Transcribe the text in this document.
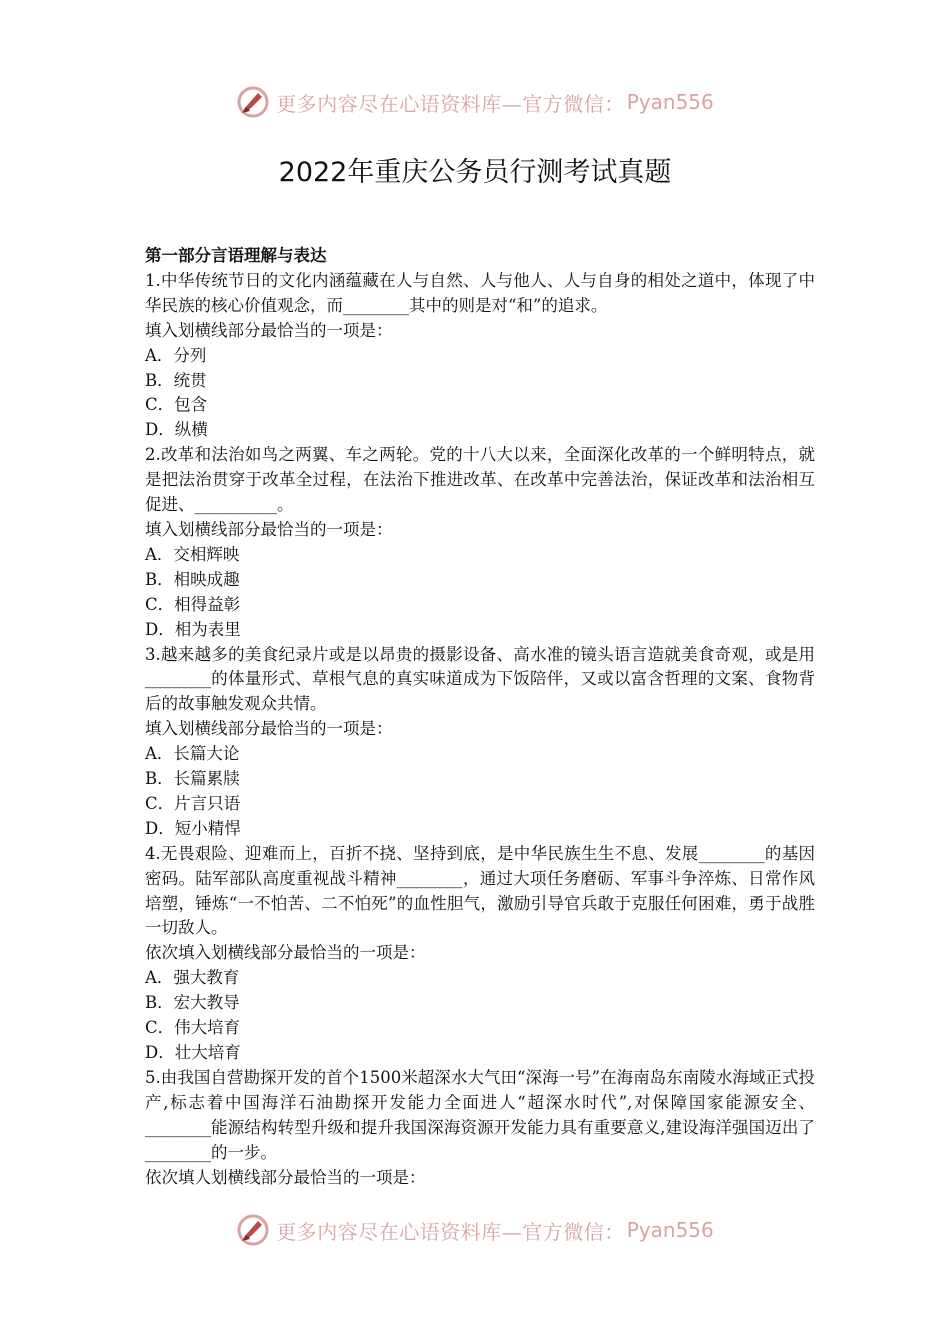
更多内容尽在心语资料库—官方微信： Pyan556
2022年重庆公务员行测考试真题

第一部分言语理解与表达

1.中华传统节日的文化内涵蕴藏在人与自然、人与他人、人与自身的相处之道中，体现了中华民族的核心价值观念，而________其中的则是对“和”的追求。

填入划横线部分最恰当的一项是：

A．分列

B．统贯

C．包含

D．纵横

2.改革和法治如鸟之两翼、车之两轮。党的十八大以来，全面深化改革的一个鲜明特点，就是把法治贯穿于改革全过程，在法治下推进改革、在改革中完善法治，保证改革和法治相互促进、__________。

填入划横线部分最恰当的一项是：

A．交相辉映

B．相映成趣

C．相得益彰

D．相为表里

3.越来越多的美食纪录片或是以昂贵的摄影设备、高水准的镜头语言造就美食奇观，或是用________的体量形式、草根气息的真实味道成为下饭陪伴，又或以富含哲理的文案、食物背后的故事触发观众共情。

填入划横线部分最恰当的一项是：

A．长篇大论

B．长篇累牍

C．片言只语

D．短小精悍

4.无畏艰险、迎难而上，百折不挠、坚持到底，是中华民族生生不息、发展________的基因密码。陆军部队高度重视战斗精神________，通过大项任务磨砺、军事斗争淬炼、日常作风培塑，锤炼“一不怕苦、二不怕死”的血性胆气，激励引导官兵敢于克服任何困难，勇于战胜一切敌人。

依次填入划横线部分最恰当的一项是：

A．强大教育

B．宏大教导

C．伟大培育

D．壮大培育

5.由我国自营勘探开发的首个1500米超深水大气田“深海一号”在海南岛东南陵水海域正式投产,标志着中国海洋石油勘探开发能力全面进人“超深水时代”,对保障国家能源安全、________能源结构转型升级和提升我国深海资源开发能力具有重要意义,建设海洋强国迈出了________的一步。

依次填人划横线部分最恰当的一项是：

更多内容尽在心语资料库—官方微信： Pyan556
